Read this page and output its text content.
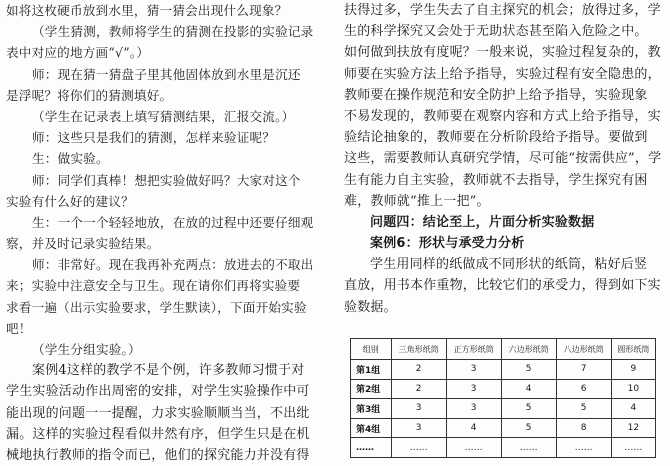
如将这枚硬币放到水里，猜一猜会出现什么现象？
（学生猜测，教师将学生的猜测在投影的实验记录
表中对应的地方画“√”。）
师：现在猜一猜盘子里其他固体放到水里是沉还
是浮呢？将你们的猜测填好。
（学生在记录表上填写猜测结果，汇报交流。）
师：这些只是我们的猜测，怎样来验证呢？
生：做实验。
师：同学们真棒！想把实验做好吗？大家对这个
实验有什么好的建议？
生：一个一个轻轻地放，在放的过程中还要仔细观
察，并及时记录实验结果。
师：非常好。现在我再补充两点：放进去的不取出
来；实验中注意安全与卫生。现在请你们再将实验要
求看一遍（出示实验要求，学生默读），下面开始实验
吧！
（学生分组实验。）
案例4这样的教学不是个例，许多教师习惯于对
学生实验活动作出周密的安排，对学生实验操作中可
能出现的问题一一提醒，力求实验顺顺当当，不出纰
漏。这样的实验过程看似井然有序，但学生只是在机
械地执行教师的指令而已，他们的探究能力并没有得
扶得过多，学生失去了自主探究的机会；放得过多，学
生的科学探究又会处于无助状态甚至陷入危险之中。
如何做到扶放有度呢？一般来说，实验过程复杂的，教
师要在实验方法上给予指导，实验过程有安全隐患的，
教师要在操作规范和安全防护上给予指导，实验现象
不易发现的，教师要在观察内容和方式上给予指导，实
验结论抽象的，教师要在分析阶段给予指导。要做到
这些，需要教师认真研究学情，尽可能“按需供应”，学
生有能力自主实验，教师就不去指导，学生探究有困
难，教师就“推上一把”。
问题四：结论至上，片面分析实验数据
案例6：形状与承受力分析
学生用同样的纸做成不同形状的纸筒，粘好后竖
直放，用书本作重物，比较它们的承受力，得到如下实
验数据。
组别	三角形纸筒	正方形纸筒	六边形纸筒	八边形纸筒	圆形纸筒
第1组	2	3	5	7	9
第2组	2	3	4	6	10
第3组	3	3	5	5	4
第4组	3	4	5	8	12
……	……	……	……	……	……
